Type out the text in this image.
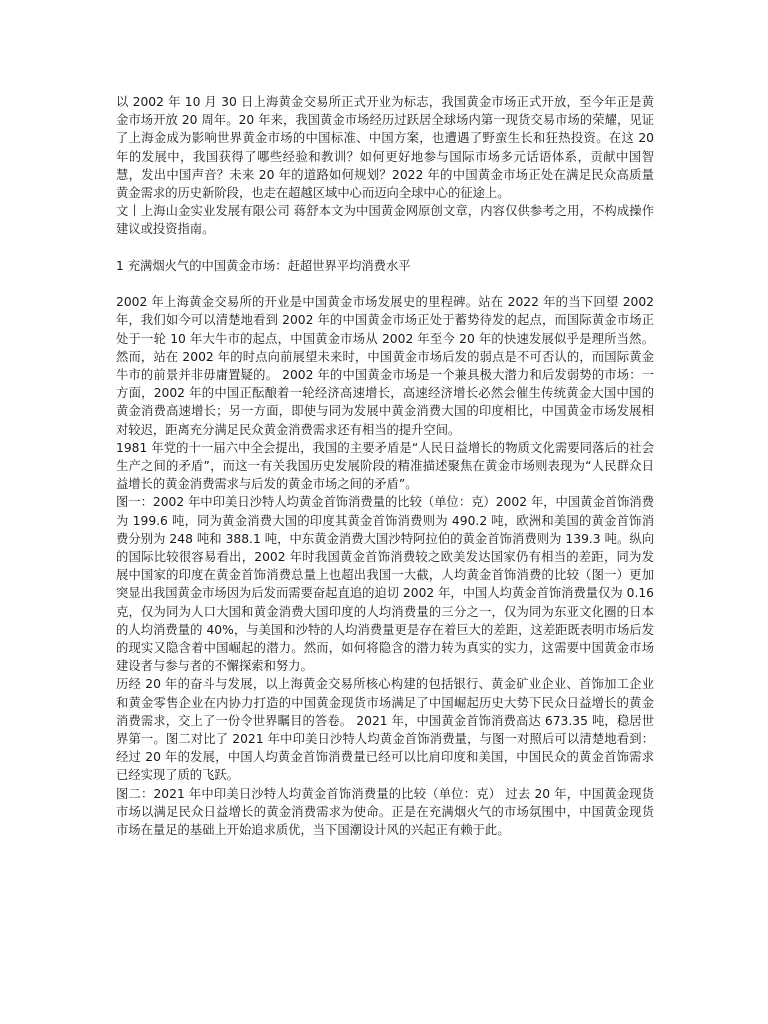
以 2002 年 10 月 30 日上海黄金交易所正式开业为标志，我国黄金市场正式开放，至今年正是黄金市场开放 20 周年。20 年来，我国黄金市场经历过跃居全球场内第一现货交易市场的荣耀，见证了上海金成为影响世界黄金市场的中国标准、中国方案，也遭遇了野蛮生长和狂热投资。在这 20 年的发展中，我国获得了哪些经验和教训？如何更好地参与国际市场多元话语体系，贡献中国智慧，发出中国声音？未来 20 年的道路如何规划？2022 年的中国黄金市场正处在满足民众高质量黄金需求的历史新阶段，也走在超越区域中心而迈向全球中心的征途上。

文丨上海山金实业发展有限公司 蒋舒本文为中国黄金网原创文章，内容仅供参考之用，不构成操作建议或投资指南。

1 充满烟火气的中国黄金市场：赶超世界平均消费水平

2002 年上海黄金交易所的开业是中国黄金市场发展史的里程碑。站在 2022 年的当下回望 2002 年，我们如今可以清楚地看到 2002 年的中国黄金市场正处于蓄势待发的起点，而国际黄金市场正处于一轮 10 年大牛市的起点，中国黄金市场从 2002 年至今 20 年的快速发展似乎是理所当然。然而，站在 2002 年的时点向前展望未来时，中国黄金市场后发的弱点是不可否认的，而国际黄金牛市的前景并非毋庸置疑的。 2002 年的中国黄金市场是一个兼具极大潜力和后发弱势的市场：一方面，2002 年的中国正酝酿着一轮经济高速增长，高速经济增长必然会催生传统黄金大国中国的黄金消费高速增长；另一方面，即使与同为发展中黄金消费大国的印度相比，中国黄金市场发展相对较迟，距离充分满足民众黄金消费需求还有相当的提升空间。

1981 年党的十一届六中全会提出，我国的主要矛盾是“人民日益增长的物质文化需要同落后的社会生产之间的矛盾”，而这一有关我国历史发展阶段的精准描述聚焦在黄金市场则表现为“人民群众日益增长的黄金消费需求与后发的黄金市场之间的矛盾”。

图一：2002 年中印美日沙特人均黄金首饰消费量的比较（单位：克）2002 年，中国黄金首饰消费为 199.6 吨，同为黄金消费大国的印度其黄金首饰消费则为 490.2 吨，欧洲和美国的黄金首饰消费分别为 248 吨和 388.1 吨，中东黄金消费大国沙特阿拉伯的黄金首饰消费则为 139.3 吨。纵向的国际比较很容易看出，2002 年时我国黄金首饰消费较之欧美发达国家仍有相当的差距，同为发展中国家的印度在黄金首饰消费总量上也超出我国一大截，人均黄金首饰消费的比较（图一）更加突显出我国黄金市场因为后发而需要奋起直追的迫切 2002 年，中国人均黄金首饰消费量仅为 0.16 克，仅为同为人口大国和黄金消费大国印度的人均消费量的三分之一，仅为同为东亚文化圈的日本的人均消费量的 40%，与美国和沙特的人均消费量更是存在着巨大的差距，这差距既表明市场后发的现实又隐含着中国崛起的潜力。然而，如何将隐含的潜力转为真实的实力，这需要中国黄金市场建设者与参与者的不懈探索和努力。

历经 20 年的奋斗与发展，以上海黄金交易所核心构建的包括银行、黄金矿业企业、首饰加工企业和黄金零售企业在内协力打造的中国黄金现货市场满足了中国崛起历史大势下民众日益增长的黄金消费需求，交上了一份令世界瞩目的答卷。 2021 年，中国黄金首饰消费高达 673.35 吨，稳居世界第一。图二对比了 2021 年中印美日沙特人均黄金首饰消费量，与图一对照后可以清楚地看到：经过 20 年的发展，中国人均黄金首饰消费量已经可以比肩印度和美国，中国民众的黄金首饰需求已经实现了质的飞跃。

图二：2021 年中印美日沙特人均黄金首饰消费量的比较（单位：克） 过去 20 年，中国黄金现货市场以满足民众日益增长的黄金消费需求为使命。正是在充满烟火气的市场氛围中，中国黄金现货市场在量足的基础上开始追求质优，当下国潮设计风的兴起正有赖于此。
